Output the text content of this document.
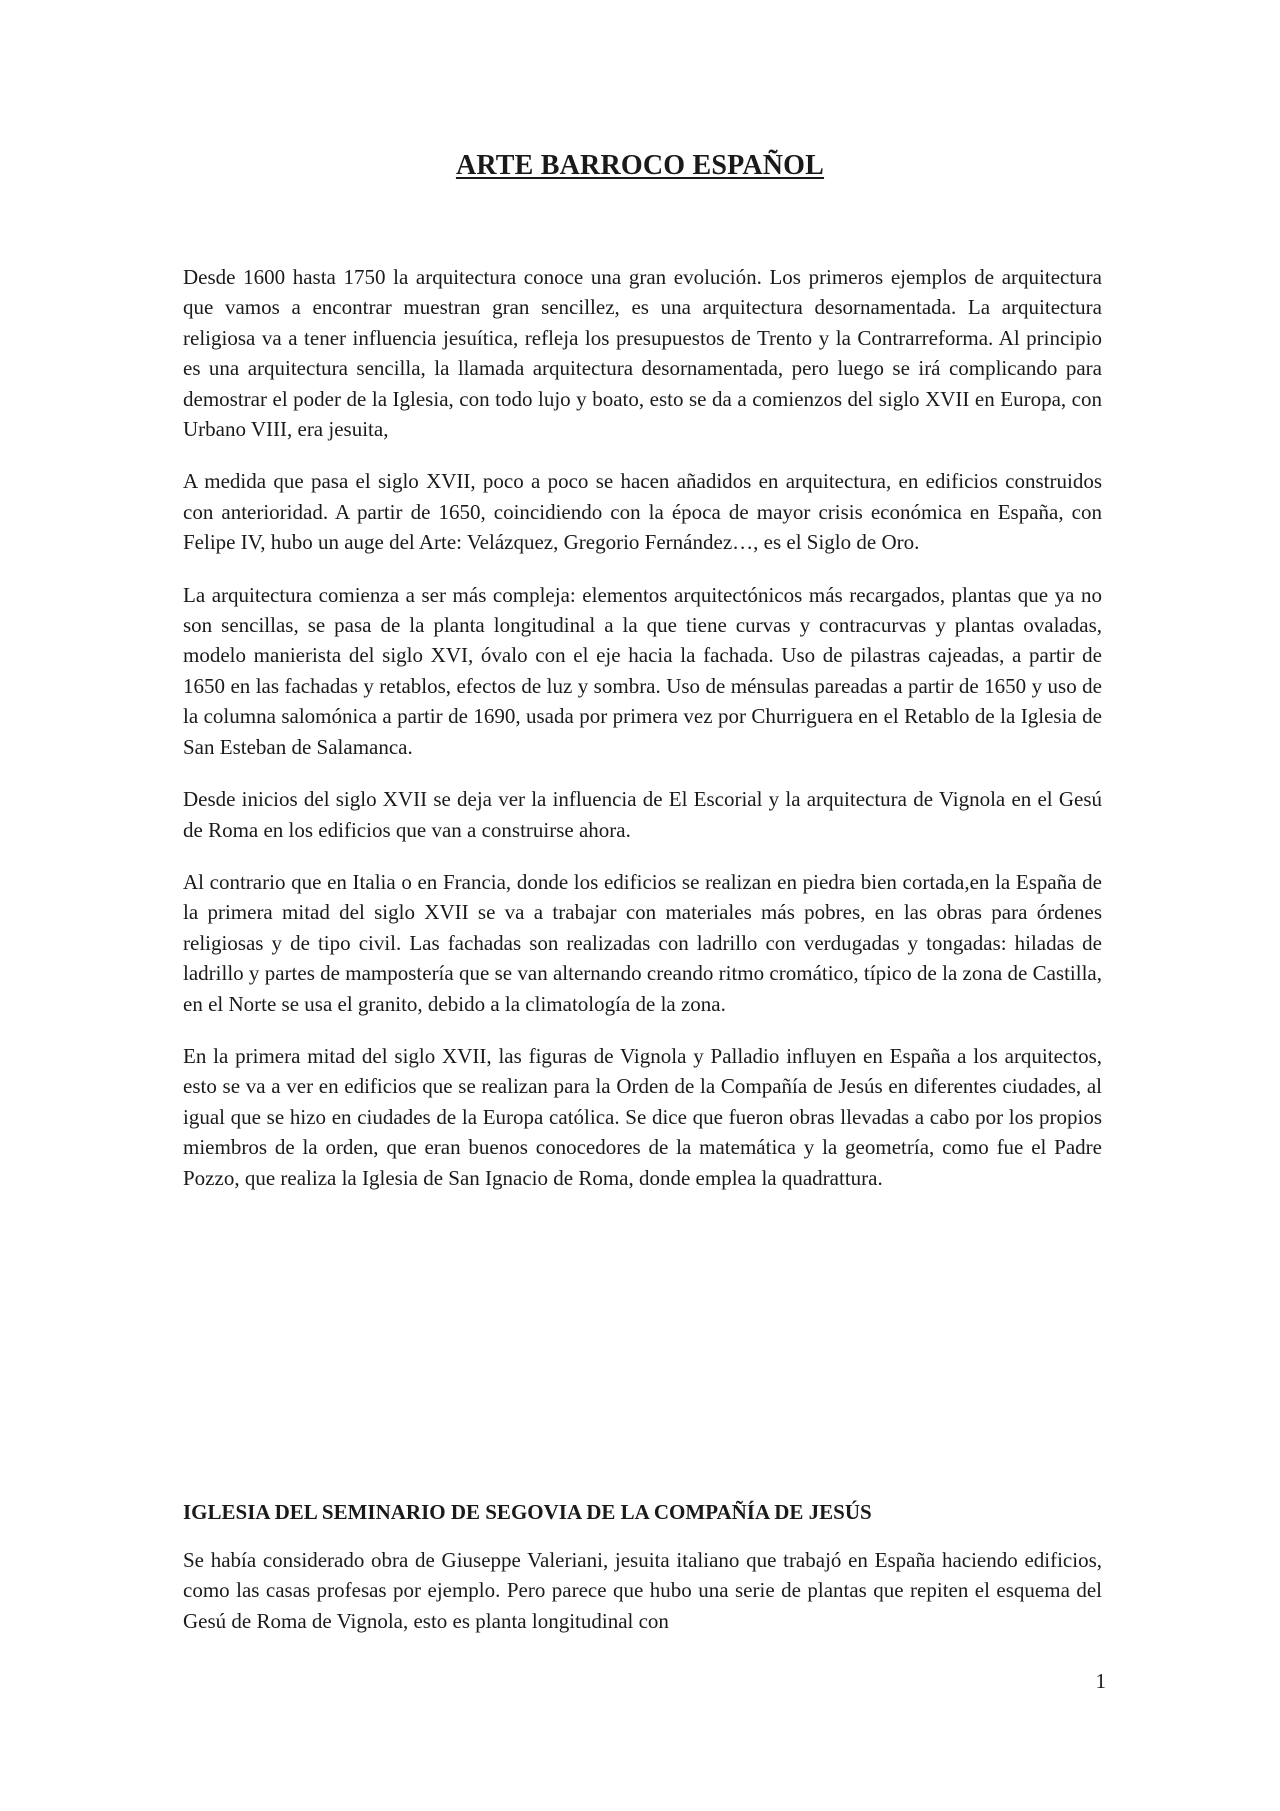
ARTE BARROCO ESPAÑOL

Desde 1600 hasta 1750 la arquitectura conoce una gran evolución. Los primeros ejemplos de arquitectura que vamos a encontrar muestran gran sencillez, es una arquitectura desornamentada. La arquitectura religiosa va a tener influencia jesuítica, refleja los presupuestos de Trento y la Contrarreforma. Al principio es una arquitectura sencilla, la llamada arquitectura desornamentada, pero luego se irá complicando para demostrar el poder de la Iglesia, con todo lujo y boato, esto se da a comienzos del siglo XVII en Europa, con Urbano VIII, era jesuita,

A medida que pasa el siglo XVII, poco a poco se hacen añadidos en arquitectura, en edificios construidos con anterioridad. A partir de 1650, coincidiendo con la época de mayor crisis económica en España, con Felipe IV, hubo un auge del Arte: Velázquez, Gregorio Fernández…, es el Siglo de Oro.

La arquitectura comienza a ser más compleja: elementos arquitectónicos más recargados, plantas que ya no son sencillas, se pasa de la planta longitudinal a la que tiene curvas y contracurvas y plantas ovaladas, modelo manierista del siglo XVI, óvalo con el eje hacia la fachada. Uso de pilastras cajeadas, a partir de 1650 en las fachadas y retablos, efectos de luz y sombra. Uso de ménsulas pareadas a partir de 1650 y uso de la columna salomónica a partir de 1690, usada por primera vez por Churriguera en el Retablo de la Iglesia de San Esteban de Salamanca.

Desde inicios del siglo XVII se deja ver la influencia de El Escorial y la arquitectura de Vignola en el Gesú de Roma en los edificios que van a construirse ahora.

Al contrario que en Italia o en Francia, donde los edificios se realizan en piedra bien cortada,en la España de la primera mitad del siglo XVII se va a trabajar con materiales más pobres, en las obras para órdenes religiosas y de tipo civil. Las fachadas son realizadas con ladrillo con verdugadas y tongadas: hiladas de ladrillo y partes de mampostería que se van alternando creando ritmo cromático, típico de la zona de Castilla, en el Norte se usa el granito, debido a la climatología de la zona.

En la primera mitad del siglo XVII, las figuras de Vignola y Palladio influyen en España a los arquitectos, esto se va a ver en edificios que se realizan para la Orden de la Compañía de Jesús en diferentes ciudades, al igual que se hizo en ciudades de la Europa católica. Se dice que fueron obras llevadas a cabo por los propios miembros de la orden, que eran buenos conocedores de la matemática y la geometría, como fue el Padre Pozzo, que realiza la Iglesia de San Ignacio de Roma, donde emplea la quadrattura.

IGLESIA DEL SEMINARIO DE SEGOVIA DE LA COMPAÑÍA DE JESÚS

Se había considerado obra de Giuseppe Valeriani, jesuita italiano que trabajó en España haciendo edificios, como las casas profesas por ejemplo. Pero parece que hubo una serie de plantas que repiten el esquema del Gesú de Roma de Vignola, esto es planta longitudinal con

1
